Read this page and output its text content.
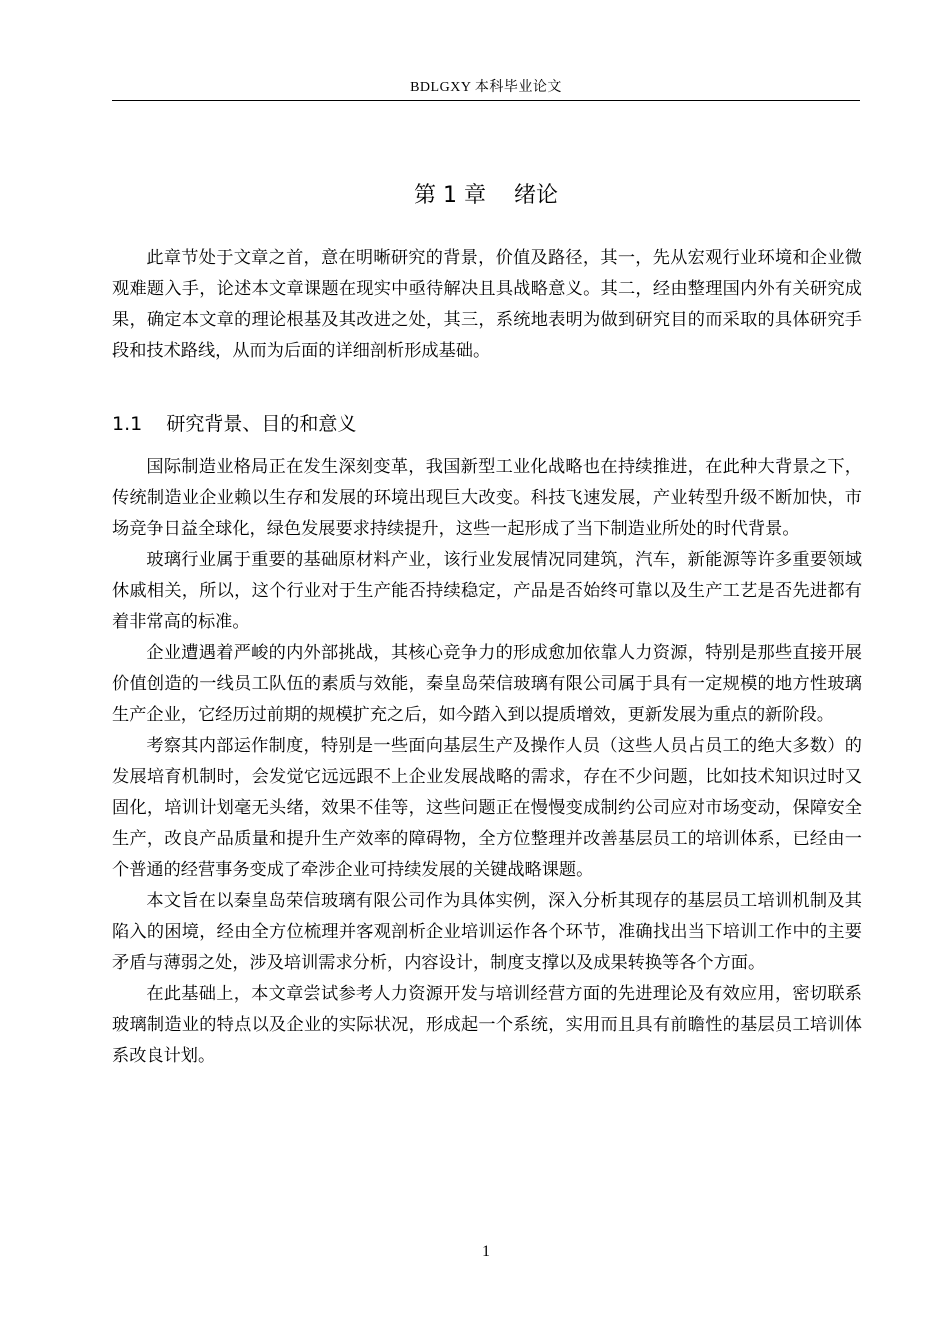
BDLGXY 本科毕业论文
第 1 章    绪论

此章节处于文章之首，意在明晰研究的背景，价值及路径，其一，先从宏观行业环境和企业微观难题入手，论述本文章课题在现实中亟待解决且具战略意义。其二，经由整理国内外有关研究成果，确定本文章的理论根基及其改进之处，其三，系统地表明为做到研究目的而采取的具体研究手段和技术路线，从而为后面的详细剖析形成基础。

1.1    研究背景、目的和意义

国际制造业格局正在发生深刻变革，我国新型工业化战略也在持续推进，在此种大背景之下，传统制造业企业赖以生存和发展的环境出现巨大改变。科技飞速发展，产业转型升级不断加快，市场竞争日益全球化，绿色发展要求持续提升，这些一起形成了当下制造业所处的时代背景。

玻璃行业属于重要的基础原材料产业，该行业发展情况同建筑，汽车，新能源等许多重要领域休戚相关，所以，这个行业对于生产能否持续稳定，产品是否始终可靠以及生产工艺是否先进都有着非常高的标准。

企业遭遇着严峻的内外部挑战，其核心竞争力的形成愈加依靠人力资源，特别是那些直接开展价值创造的一线员工队伍的素质与效能，秦皇岛荣信玻璃有限公司属于具有一定规模的地方性玻璃生产企业，它经历过前期的规模扩充之后，如今踏入到以提质增效，更新发展为重点的新阶段。

考察其内部运作制度，特别是一些面向基层生产及操作人员（这些人员占员工的绝大多数）的发展培育机制时，会发觉它远远跟不上企业发展战略的需求，存在不少问题，比如技术知识过时又固化，培训计划毫无头绪，效果不佳等，这些问题正在慢慢变成制约公司应对市场变动，保障安全生产，改良产品质量和提升生产效率的障碍物，全方位整理并改善基层员工的培训体系，已经由一个普通的经营事务变成了牵涉企业可持续发展的关键战略课题。

本文旨在以秦皇岛荣信玻璃有限公司作为具体实例，深入分析其现存的基层员工培训机制及其陷入的困境，经由全方位梳理并客观剖析企业培训运作各个环节，准确找出当下培训工作中的主要矛盾与薄弱之处，涉及培训需求分析，内容设计，制度支撑以及成果转换等各个方面。

在此基础上，本文章尝试参考人力资源开发与培训经营方面的先进理论及有效应用，密切联系玻璃制造业的特点以及企业的实际状况，形成起一个系统，实用而且具有前瞻性的基层员工培训体系改良计划。

1
